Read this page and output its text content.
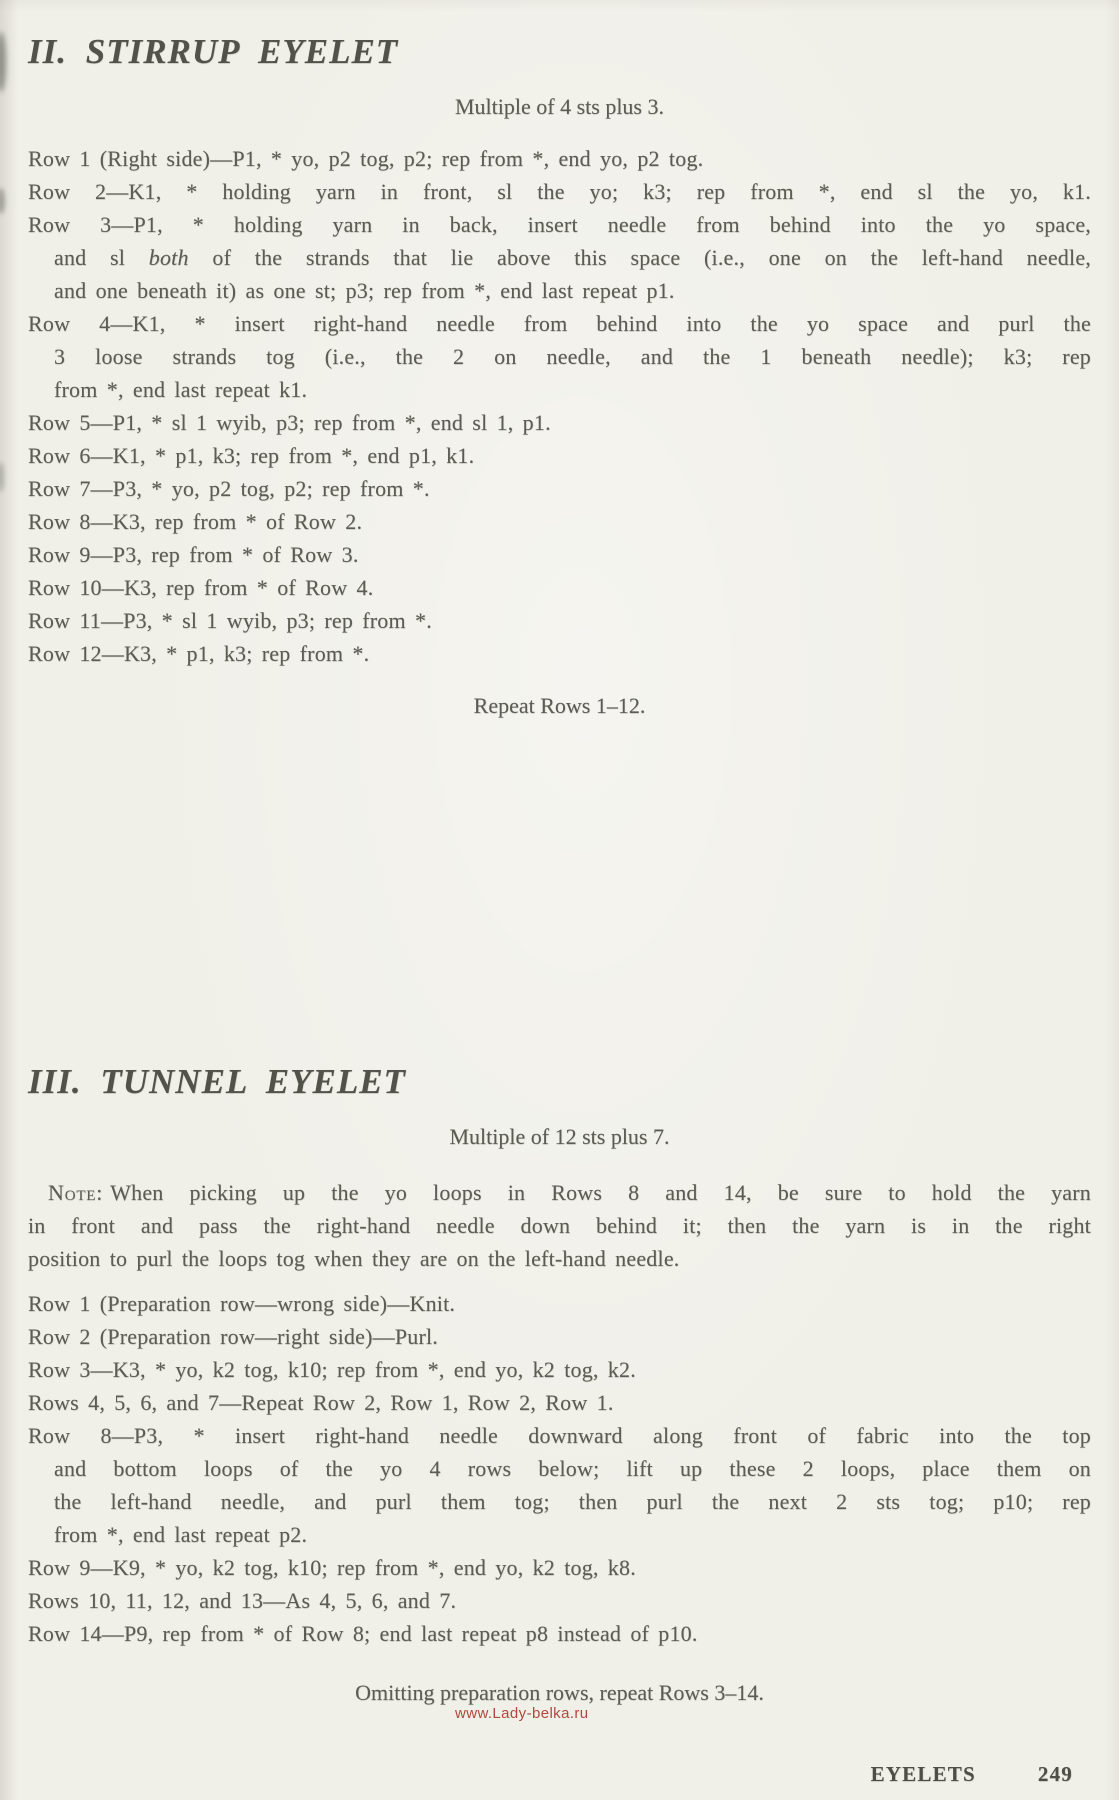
II. STIRRUP EYELET

Multiple of 4 sts plus 3.

Row 1 (Right side)—P1, * yo, p2 tog, p2; rep from *, end yo, p2 tog.
Row 2—K1, * holding yarn in front, sl the yo; k3; rep from *, end sl the yo, k1.
Row 3—P1, * holding yarn in back, insert needle from behind into the yo space,
and sl both of the strands that lie above this space (i.e., one on the left-hand needle,
and one beneath it) as one st; p3; rep from *, end last repeat p1.
Row 4—K1, * insert right-hand needle from behind into the yo space and purl the
3 loose strands tog (i.e., the 2 on needle, and the 1 beneath needle); k3; rep
from *, end last repeat k1.
Row 5—P1, * sl 1 wyib, p3; rep from *, end sl 1, p1.
Row 6—K1, * p1, k3; rep from *, end p1, k1.
Row 7—P3, * yo, p2 tog, p2; rep from *.
Row 8—K3, rep from * of Row 2.
Row 9—P3, rep from * of Row 3.
Row 10—K3, rep from * of Row 4.
Row 11—P3, * sl 1 wyib, p3; rep from *.
Row 12—K3, * p1, k3; rep from *.

Repeat Rows 1–12.

III. TUNNEL EYELET

Multiple of 12 sts plus 7.

Note: When picking up the yo loops in Rows 8 and 14, be sure to hold the yarn
in front and pass the right-hand needle down behind it; then the yarn is in the right
position to purl the loops tog when they are on the left-hand needle.
Row 1 (Preparation row—wrong side)—Knit.
Row 2 (Preparation row—right side)—Purl.
Row 3—K3, * yo, k2 tog, k10; rep from *, end yo, k2 tog, k2.
Rows 4, 5, 6, and 7—Repeat Row 2, Row 1, Row 2, Row 1.
Row 8—P3, * insert right-hand needle downward along front of fabric into the top
and bottom loops of the yo 4 rows below; lift up these 2 loops, place them on
the left-hand needle, and purl them tog; then purl the next 2 sts tog; p10; rep
from *, end last repeat p2.
Row 9—K9, * yo, k2 tog, k10; rep from *, end yo, k2 tog, k8.
Rows 10, 11, 12, and 13—As 4, 5, 6, and 7.
Row 14—P9, rep from * of Row 8; end last repeat p8 instead of p10.

Omitting preparation rows, repeat Rows 3–14.

www.Lady-belka.ru
EYELETS	249
